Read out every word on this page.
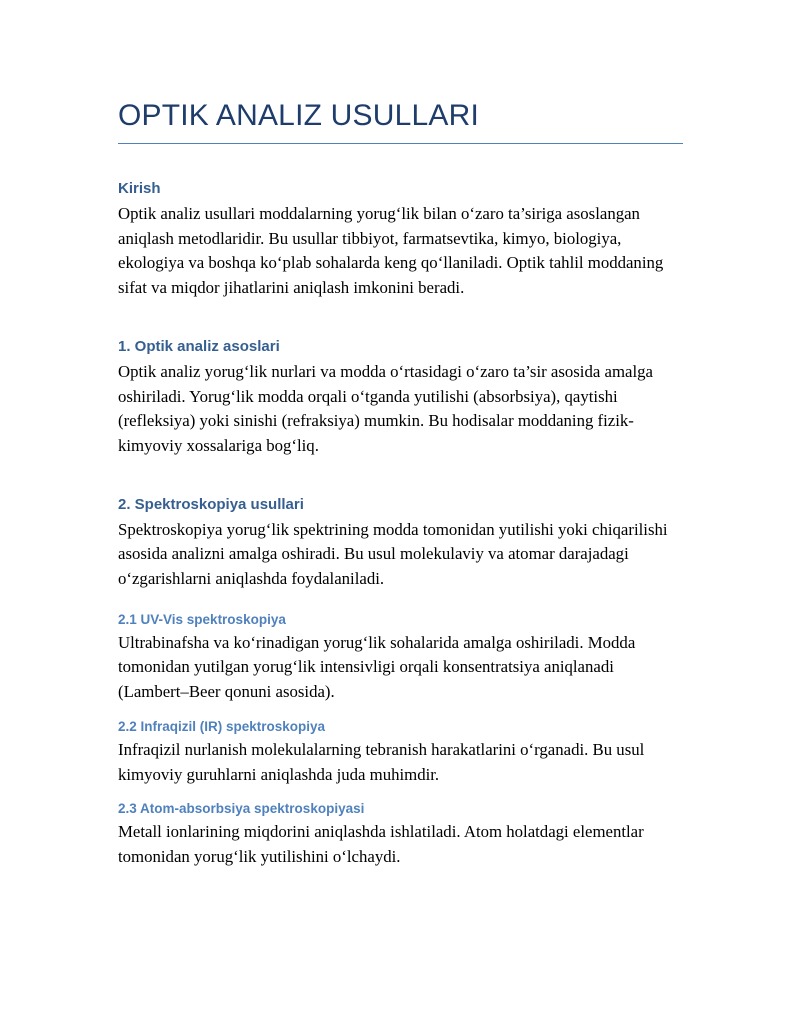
OPTIK ANALIZ USULLARI
Kirish

Optik analiz usullari moddalarning yorug‘lik bilan o‘zaro ta’siriga asoslangan aniqlash metodlaridir. Bu usullar tibbiyot, farmatsevtika, kimyo, biologiya, ekologiya va boshqa ko‘plab sohalarda keng qo‘llaniladi. Optik tahlil moddaning sifat va miqdor jihatlarini aniqlash imkonini beradi.

1. Optik analiz asoslari

Optik analiz yorug‘lik nurlari va modda o‘rtasidagi o‘zaro ta’sir asosida amalga oshiriladi. Yorug‘lik modda orqali o‘tganda yutilishi (absorbsiya), qaytishi (refleksiya) yoki sinishi (refraksiya) mumkin. Bu hodisalar moddaning fizik-kimyoviy xossalariga bog‘liq.

2. Spektroskopiya usullari

Spektroskopiya yorug‘lik spektrining modda tomonidan yutilishi yoki chiqarilishi asosida analizni amalga oshiradi. Bu usul molekulaviy va atomar darajadagi o‘zgarishlarni aniqlashda foydalaniladi.

2.1 UV-Vis spektroskopiya

Ultrabinafsha va ko‘rinadigan yorug‘lik sohalarida amalga oshiriladi. Modda tomonidan yutilgan yorug‘lik intensivligi orqali konsentratsiya aniqlanadi (Lambert–Beer qonuni asosida).

2.2 Infraqizil (IR) spektroskopiya

Infraqizil nurlanish molekulalarning tebranish harakatlarini o‘rganadi. Bu usul kimyoviy guruhlarni aniqlashda juda muhimdir.

2.3 Atom-absorbsiya spektroskopiyasi

Metall ionlarining miqdorini aniqlashda ishlatiladi. Atom holatdagi elementlar tomonidan yorug‘lik yutilishini o‘lchaydi.
